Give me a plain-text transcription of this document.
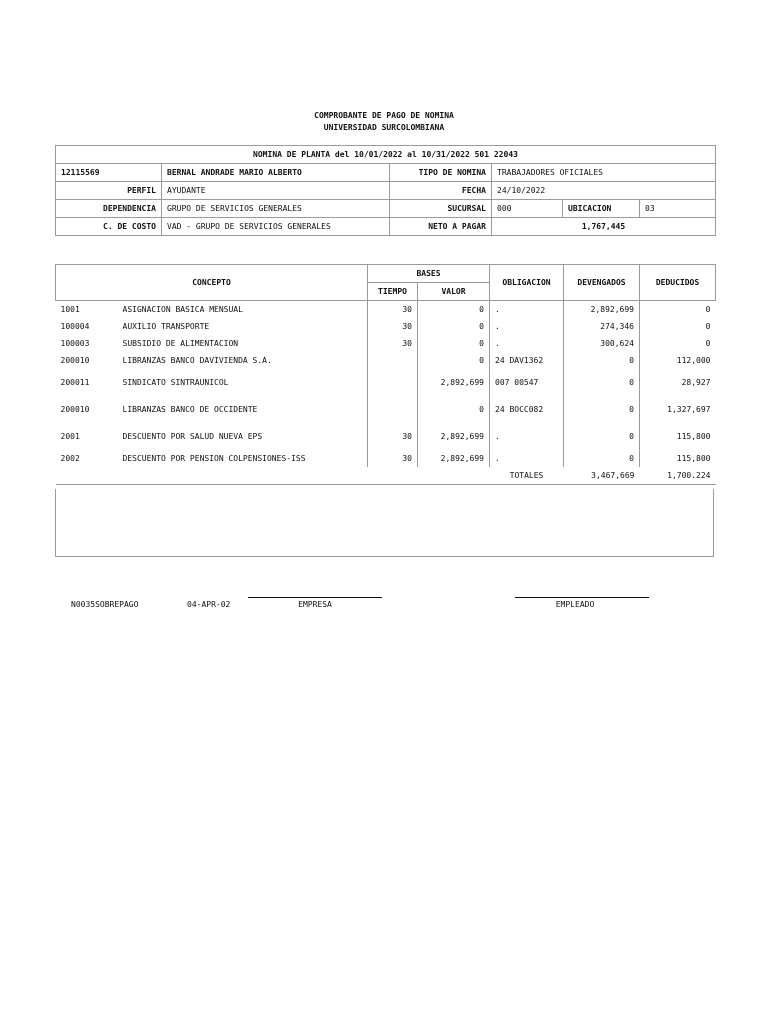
COMPROBANTE DE PAGO DE NOMINA
UNIVERSIDAD SURCOLOMBIANA
NOMINA DE PLANTA del 10/01/2022 al 10/31/2022 501 22043					
12115569	BERNAL ANDRADE MARIO ALBERTO	TIPO DE NOMINA	TRABAJADORES OFICIALES		
PERFIL	AYUDANTE	FECHA	24/10/2022		
DEPENDENCIA	GRUPO DE SERVICIOS GENERALES	SUCURSAL	000	UBICACION	03
C. DE COSTO	VAD - GRUPO DE SERVICIOS GENERALES	NETO A PAGAR	1,767,445		
CONCEPTO		BASES		OBLIGACION	DEVENGADOS	DEDUCIDOS
		TIEMPO	VALOR			
1001	ASIGNACION BASICA MENSUAL	30	0	.	2,892,699	0
100004	AUXILIO TRANSPORTE	30	0	.	274,346	0
100003	SUBSIDIO DE ALIMENTACION	30	0	.	300,624	0
200010	LIBRANZAS BANCO DAVIVIENDA S.A.		0	24 DAV1362	0	112,000
200011	SINDICATO SINTRAUNICOL		2,892,699	007 00547	0	28,927
200010	LIBRANZAS BANCO DE OCCIDENTE		0	24 BOCC082	0	1,327,697
2001	DESCUENTO POR SALUD NUEVA EPS	30	2,892,699	.	0	115,800
2002	DESCUENTO POR PENSION COLPENSIONES-ISS	30	2,892,699	.	0	115,800
				TOTALES	3,467,669	1,700.224
N0035SOBREPAGO	04-APR-02	EMPRESA	EMPLEADO
